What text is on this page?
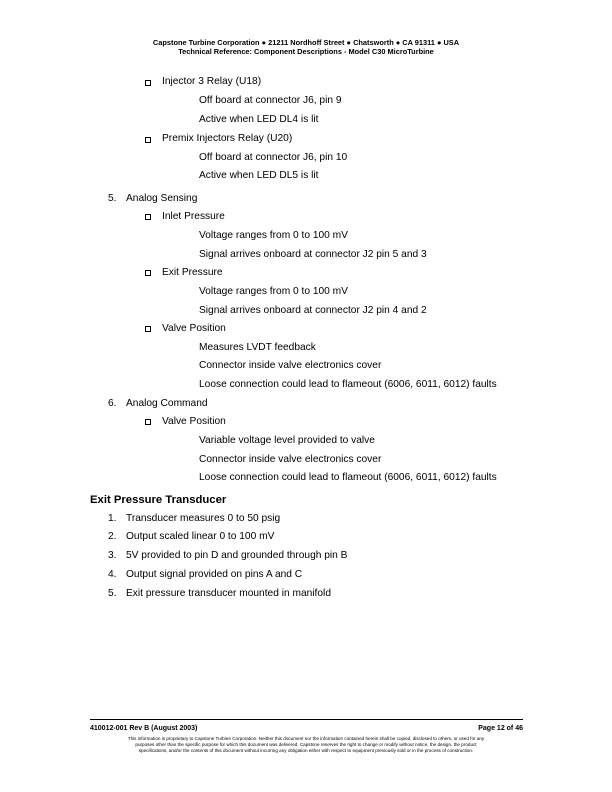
Capstone Turbine Corporation ● 21211 Nordhoff Street ● Chatsworth ● CA 91311 ● USA
Technical Reference: Component Descriptions - Model C30 MicroTurbine
Injector 3 Relay (U18)
Off board at connector J6, pin 9
Active when LED DL4 is lit
Premix Injectors Relay (U20)
Off board at connector J6, pin 10
Active when LED DL5 is lit
5. Analog Sensing
Inlet Pressure
Voltage ranges from 0 to 100 mV
Signal arrives onboard at connector J2 pin 5 and 3
Exit Pressure
Voltage ranges from 0 to 100 mV
Signal arrives onboard at connector J2 pin 4 and 2
Valve Position
Measures LVDT feedback
Connector inside valve electronics cover
Loose connection could lead to flameout (6006, 6011, 6012) faults
6. Analog Command
Valve Position
Variable voltage level provided to valve
Connector inside valve electronics cover
Loose connection could lead to flameout (6006, 6011, 6012) faults
Exit Pressure Transducer
1. Transducer measures 0 to 50 psig
2. Output scaled linear 0 to 100 mV
3. 5V provided to pin D and grounded through pin B
4. Output signal provided on pins A and C
5. Exit pressure transducer mounted in manifold
410012-001 Rev B (August 2003)	Page 12 of 46
This information is proprietary to Capstone Turbine Corporation. Neither this document nor the information contained herein shall be copied, disclosed to others, or used for any
purposes other than the specific purpose for which this document was delivered. Capstone reserves the right to change or modify without notice, the design, the product
specifications, and/or the contents of this document without incurring any obligation either with respect to equipment previously sold or in the process of construction.
